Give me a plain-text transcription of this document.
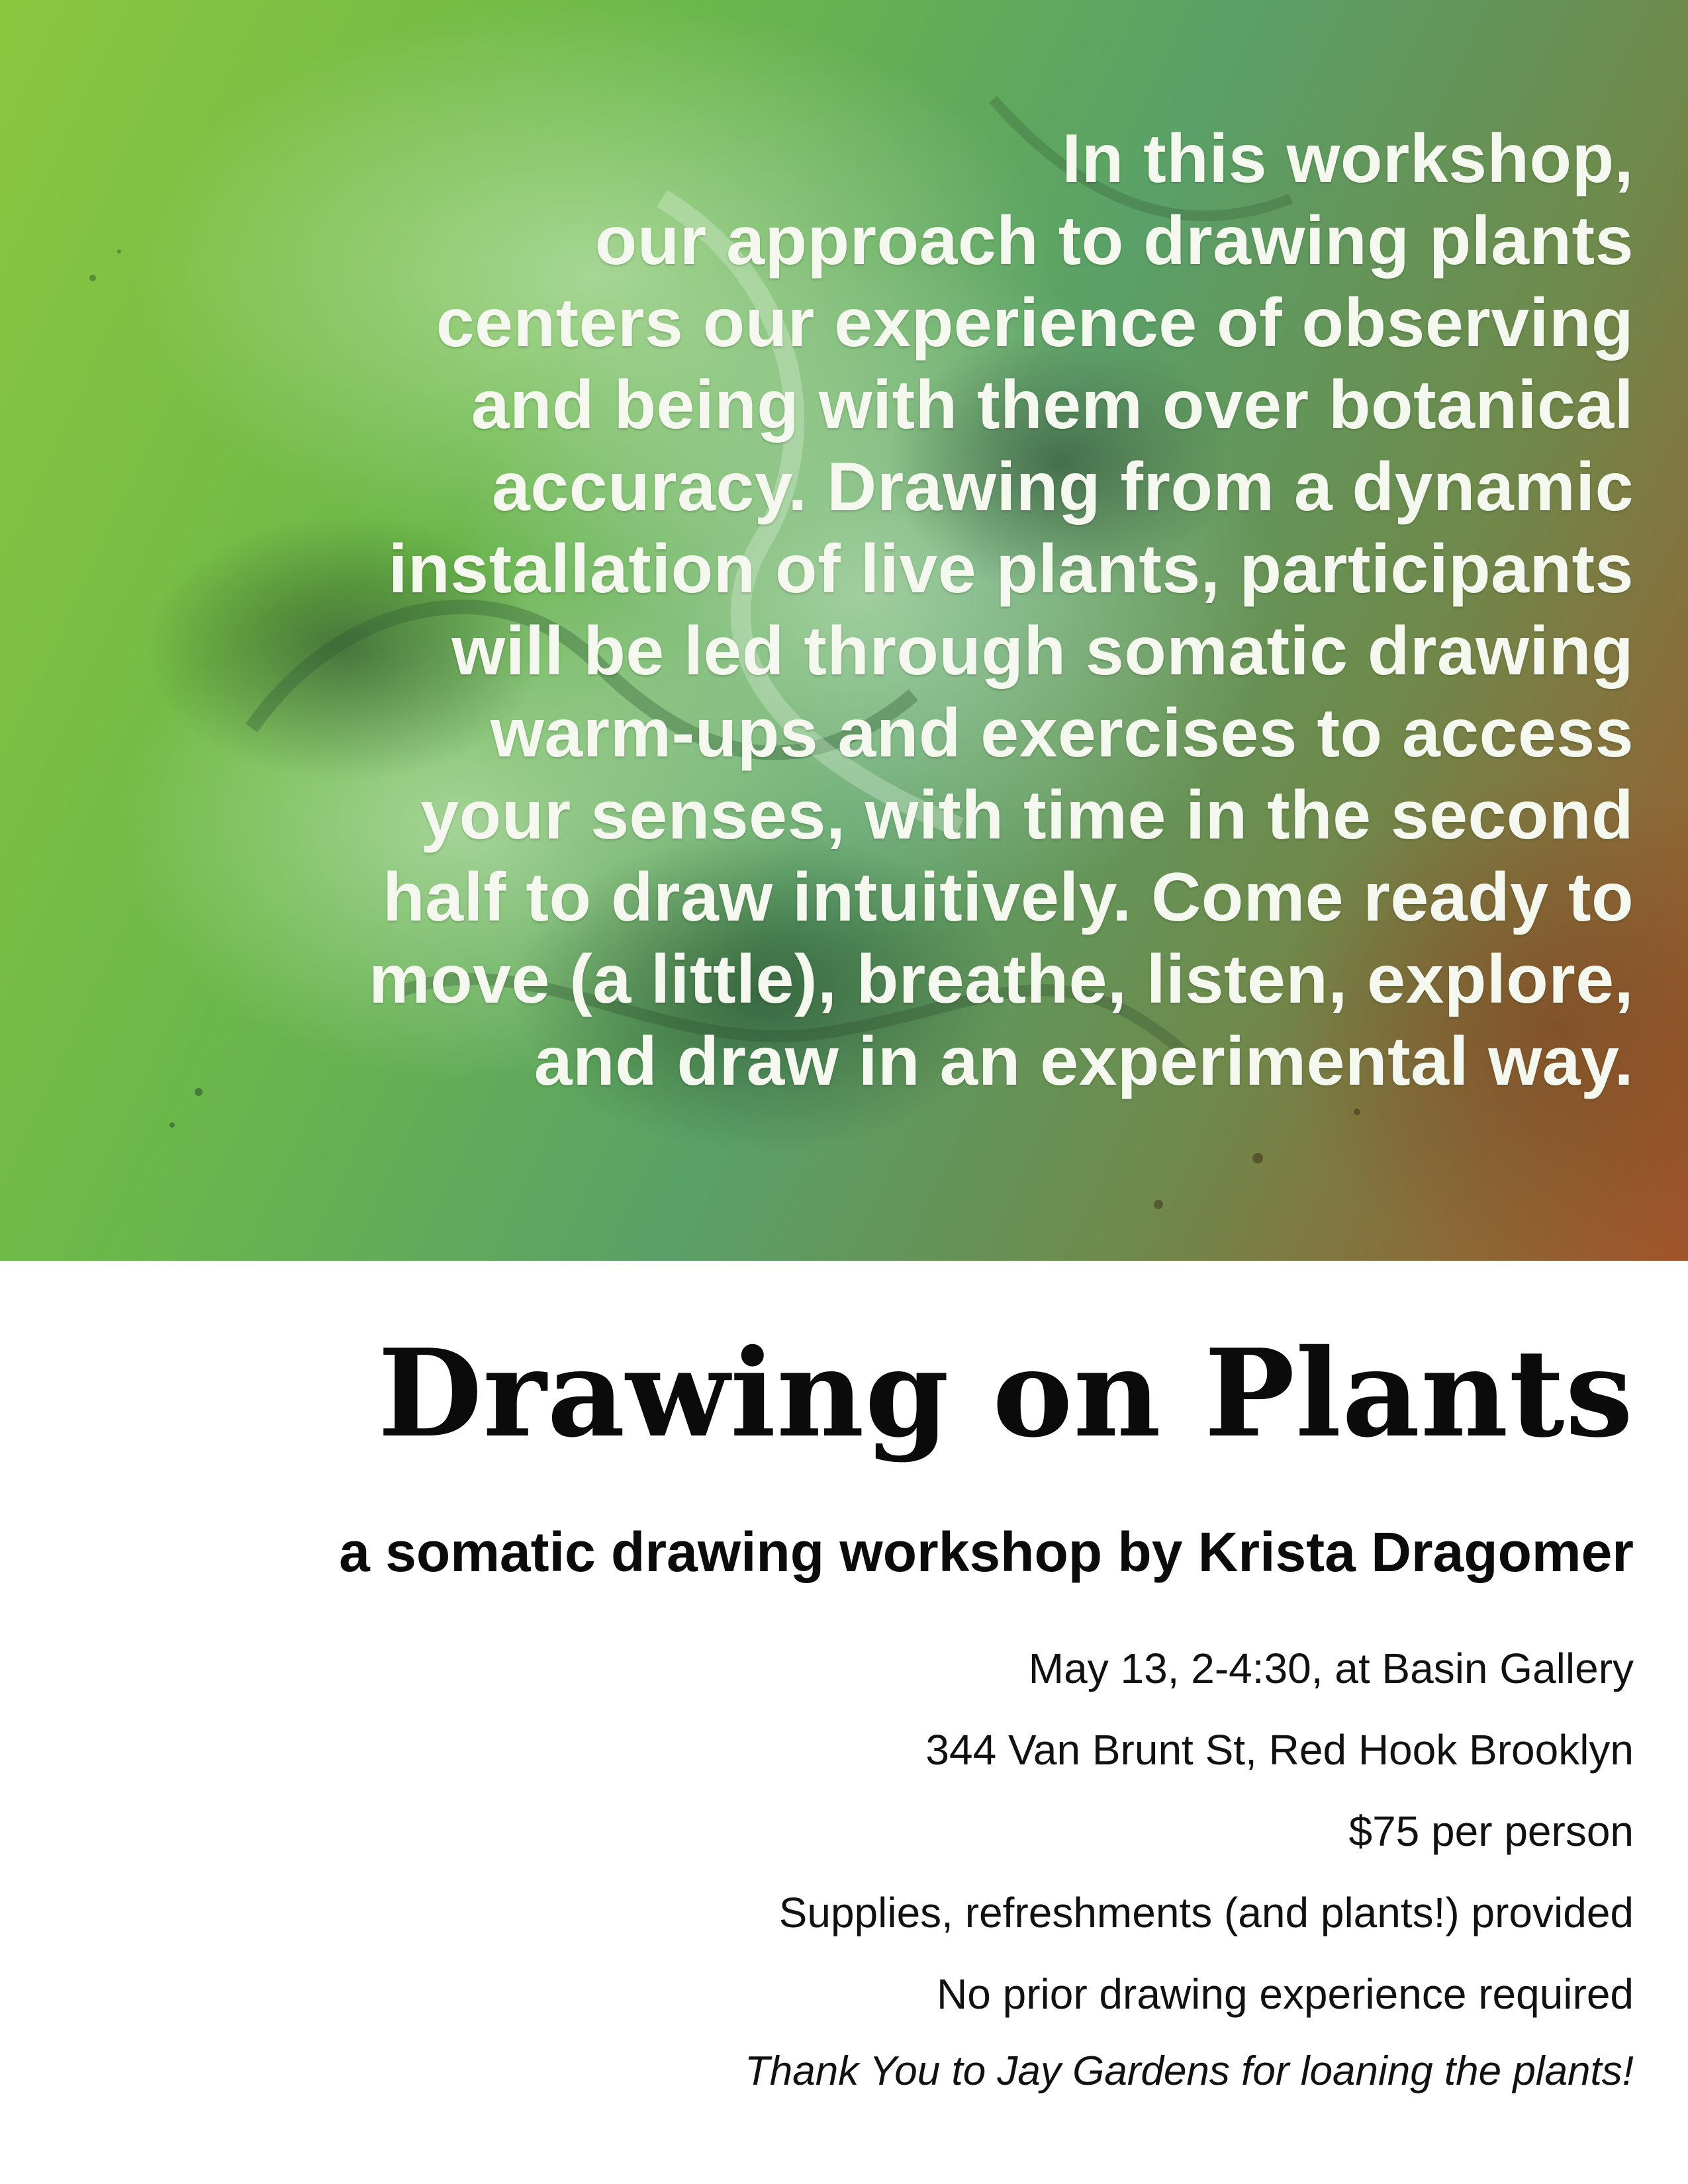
In this workshop,
our approach to drawing plants
centers our experience of observing
and being with them over botanical
accuracy. Drawing from a dynamic
installation of live plants, participants
will be led through somatic drawing
warm-ups and exercises to access
your senses, with time in the second
half to draw intuitively. Come ready to
move (a little), breathe, listen, explore,
and draw in an experimental way.

Drawing on Plants
a somatic drawing workshop by Krista Dragomer
May 13, 2-4:30, at Basin Gallery
344 Van Brunt St, Red Hook Brooklyn
$75 per person
Supplies, refreshments (and plants!) provided
No prior drawing experience required

Thank You to Jay Gardens for loaning the plants!
